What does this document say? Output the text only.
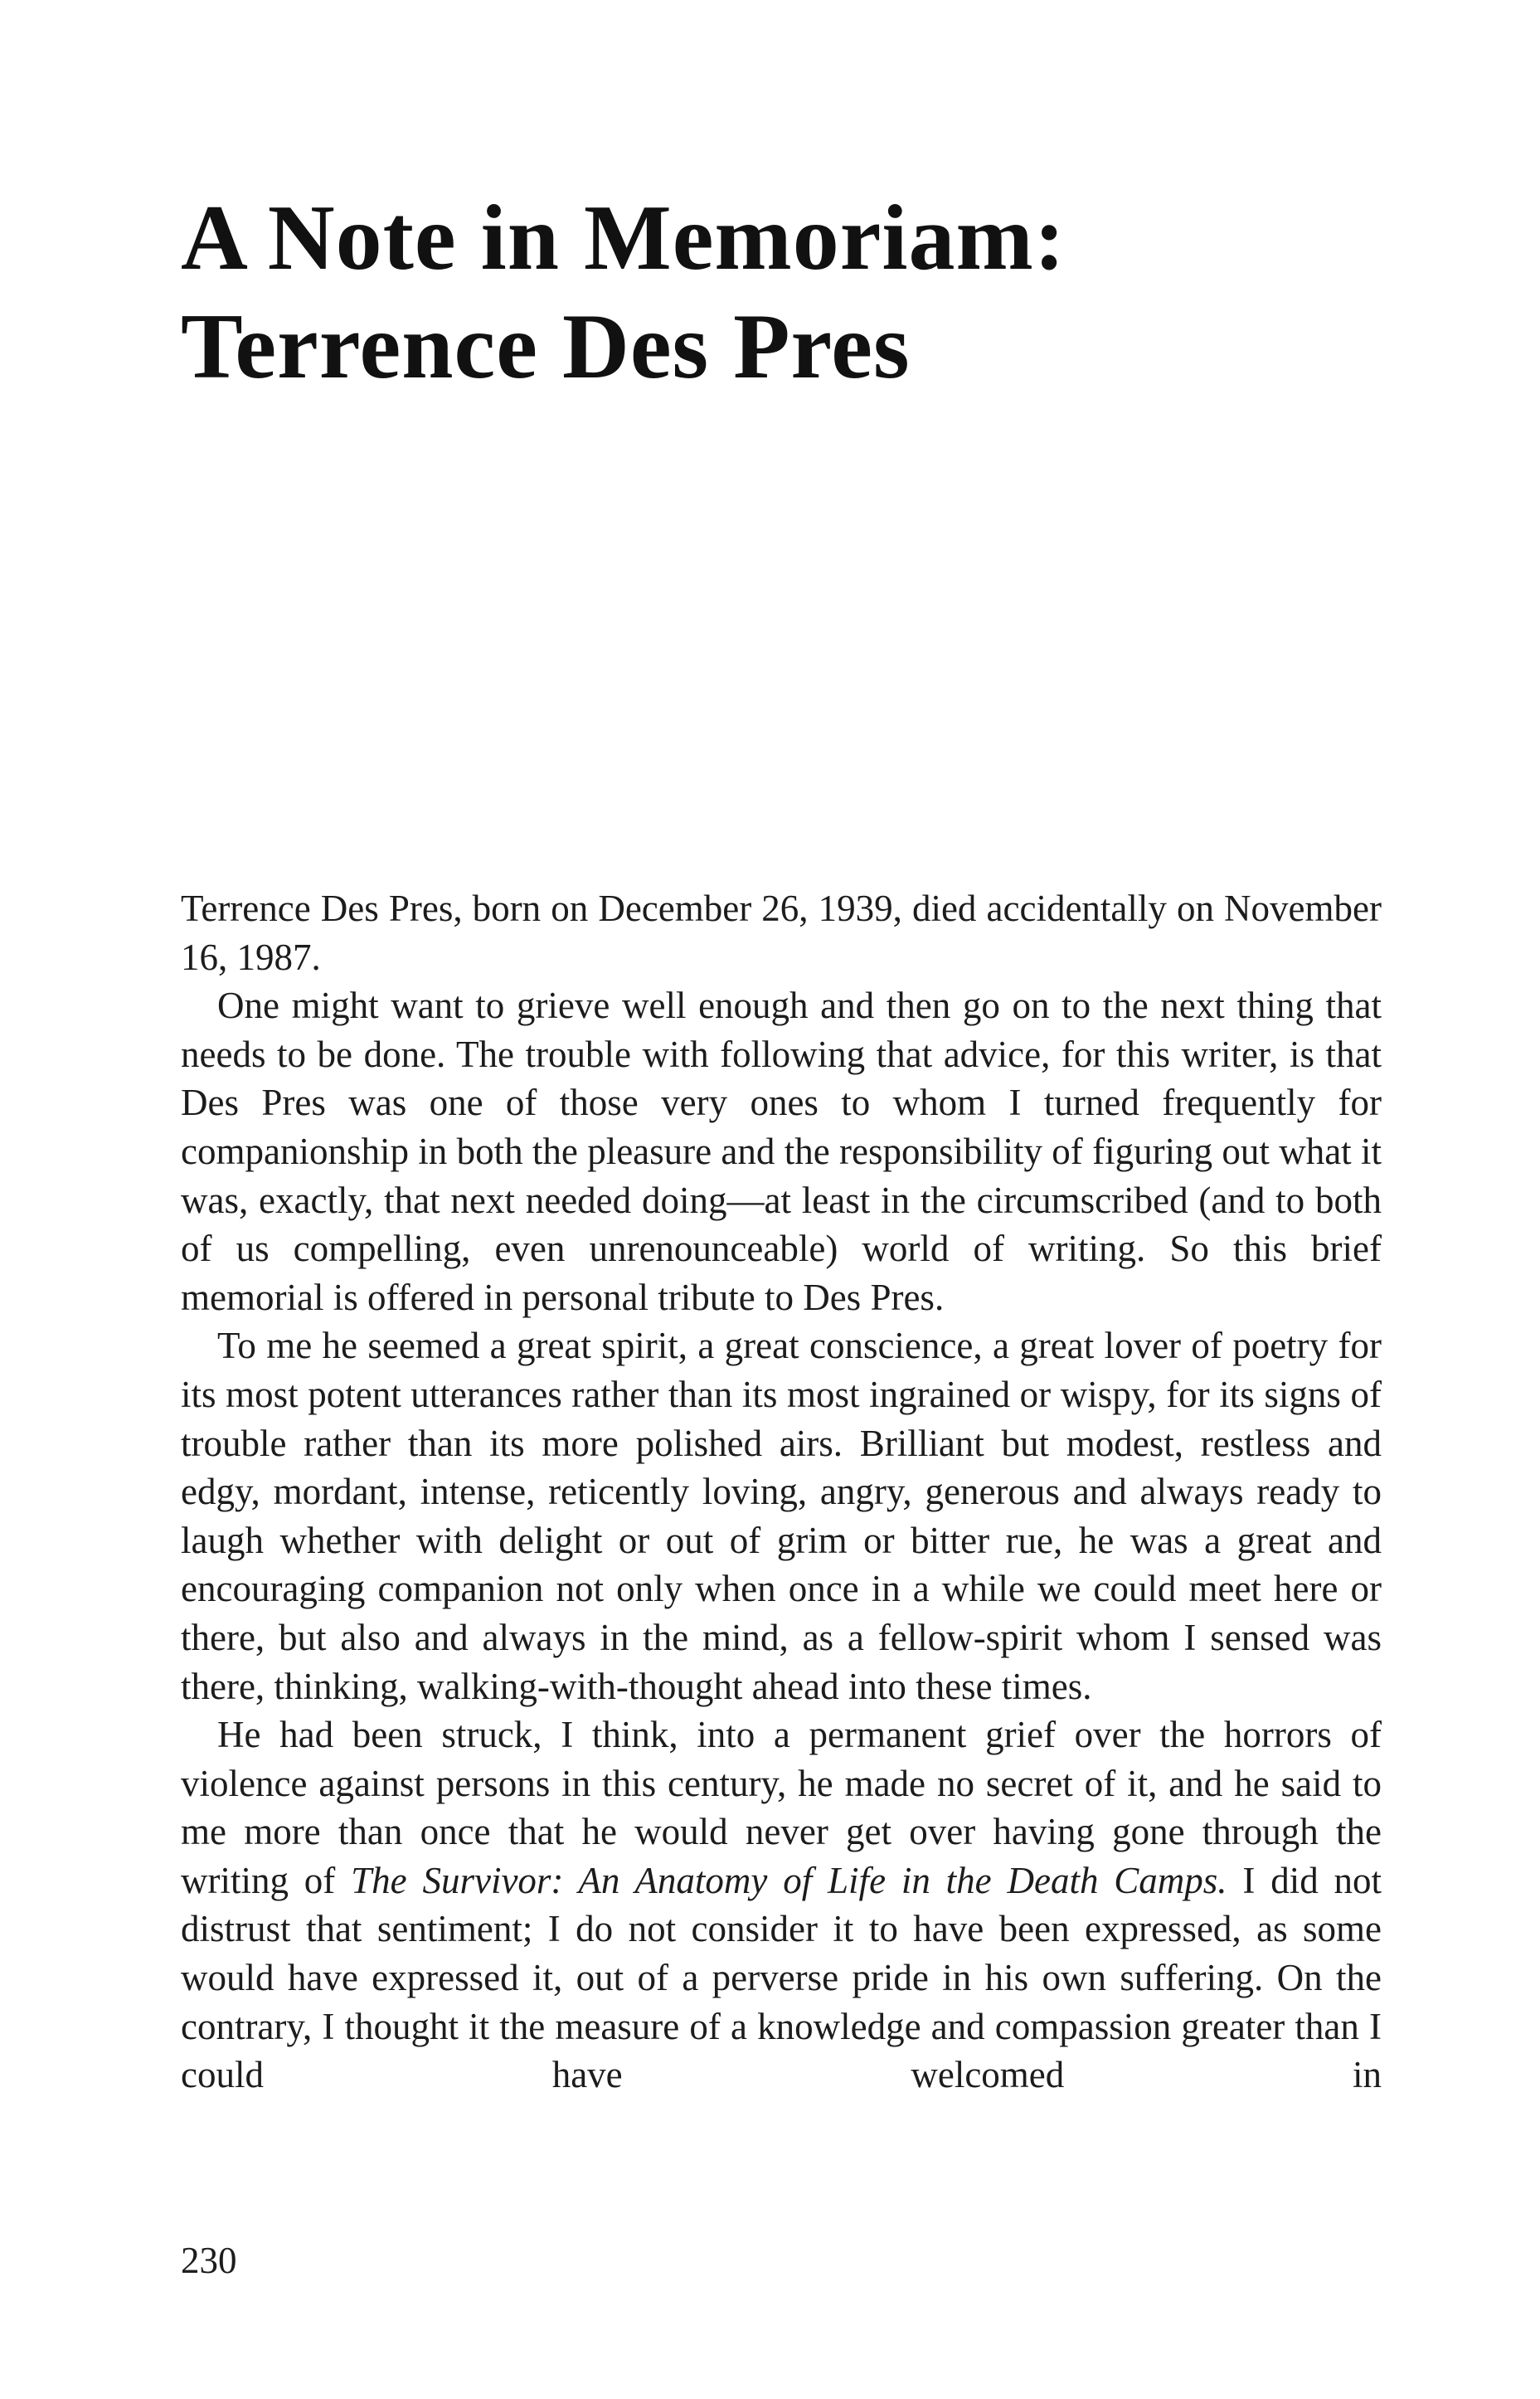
A Note in Memoriam:
Terrence Des Pres

Terrence Des Pres, born on December 26, 1939, died accidentally on November 16, 1987.

One might want to grieve well enough and then go on to the next thing that needs to be done. The trouble with following that advice, for this writer, is that Des Pres was one of those very ones to whom I turned frequently for companionship in both the pleasure and the responsibility of figuring out what it was, exactly, that next needed doing—at least in the circumscribed (and to both of us compelling, even unrenounceable) world of writing. So this brief memorial is offered in personal tribute to Des Pres.

To me he seemed a great spirit, a great conscience, a great lover of poetry for its most potent utterances rather than its most ingrained or wispy, for its signs of trouble rather than its more polished airs. Brilliant but modest, restless and edgy, mordant, intense, reticently loving, angry, generous and always ready to laugh whether with delight or out of grim or bitter rue, he was a great and encouraging companion not only when once in a while we could meet here or there, but also and always in the mind, as a fellow-spirit whom I sensed was there, thinking, walking-with-thought ahead into these times.

He had been struck, I think, into a permanent grief over the horrors of violence against persons in this century, he made no secret of it, and he said to me more than once that he would never get over having gone through the writing of The Survivor: An Anatomy of Life in the Death Camps. I did not distrust that sentiment; I do not consider it to have been expressed, as some would have expressed it, out of a perverse pride in his own suffering. On the contrary, I thought it the measure of a knowledge and compassion greater than I could have welcomed in

230
